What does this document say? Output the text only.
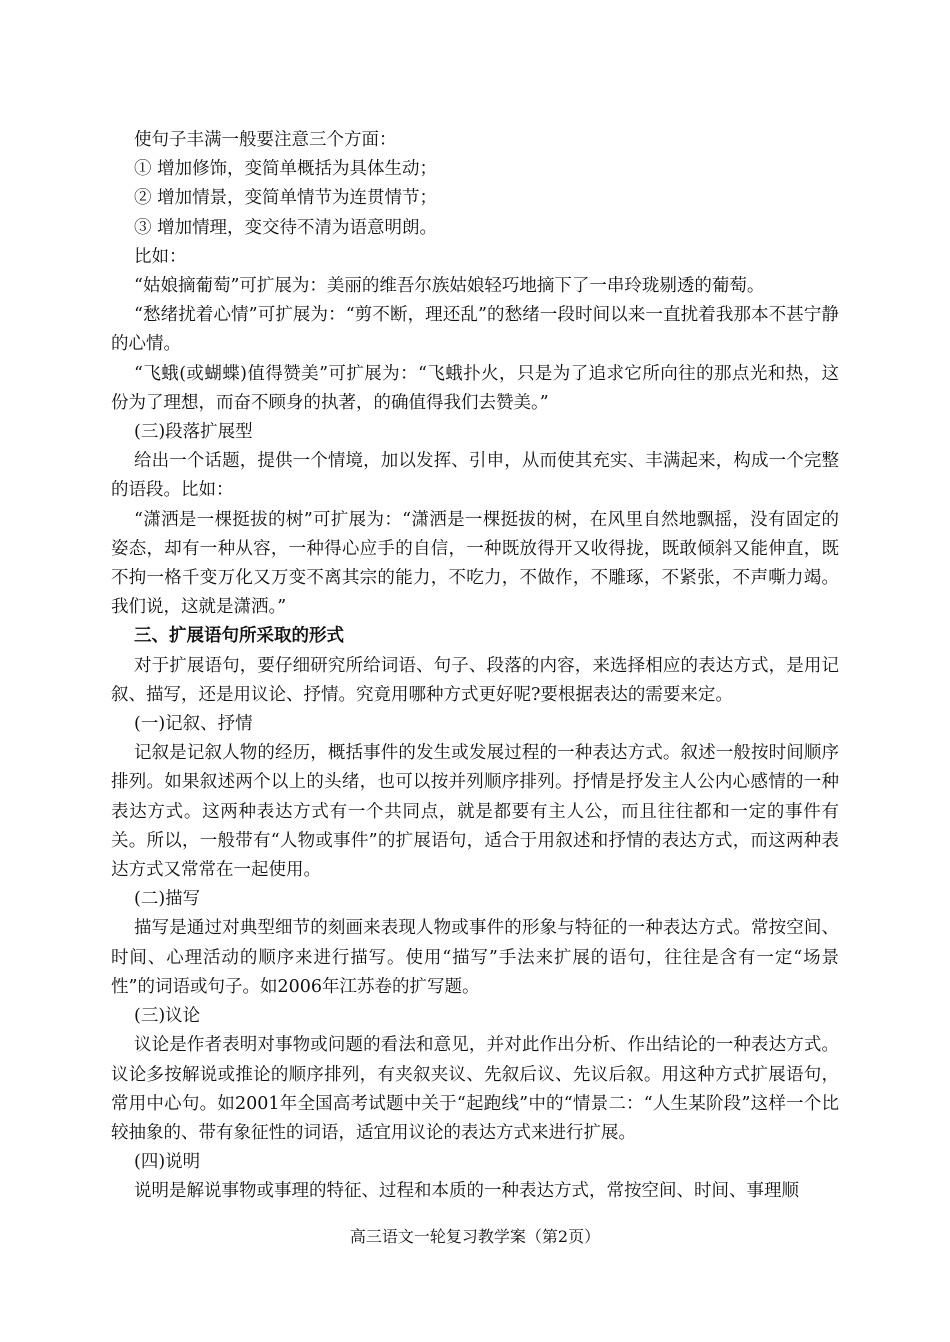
使句子丰满一般要注意三个方面：

① 增加修饰，变简单概括为具体生动；

② 增加情景，变简单情节为连贯情节；

③ 增加情理，变交待不清为语意明朗。

比如：

“姑娘摘葡萄”可扩展为：美丽的维吾尔族姑娘轻巧地摘下了一串玲珑剔透的葡萄。

“愁绪扰着心情”可扩展为：“剪不断，理还乱”的愁绪一段时间以来一直扰着我那本不甚宁静的心情。

“飞蛾(或蝴蝶)值得赞美”可扩展为：“飞蛾扑火，只是为了追求它所向往的那点光和热，这份为了理想，而奋不顾身的执著，的确值得我们去赞美。”

(三)段落扩展型

给出一个话题，提供一个情境，加以发挥、引申，从而使其充实、丰满起来，构成一个完整的语段。比如：

“潇洒是一棵挺拔的树”可扩展为：“潇洒是一棵挺拔的树，在风里自然地飘摇，没有固定的姿态，却有一种从容，一种得心应手的自信，一种既放得开又收得拢，既敢倾斜又能伸直，既不拘一格千变万化又万变不离其宗的能力，不吃力，不做作，不雕琢，不紧张，不声嘶力竭。我们说，这就是潇洒。”

三、扩展语句所采取的形式

对于扩展语句，要仔细研究所给词语、句子、段落的内容，来选择相应的表达方式，是用记叙、描写，还是用议论、抒情。究竟用哪种方式更好呢?要根据表达的需要来定。

(一)记叙、抒情

记叙是记叙人物的经历，概括事件的发生或发展过程的一种表达方式。叙述一般按时间顺序排列。如果叙述两个以上的头绪，也可以按并列顺序排列。抒情是抒发主人公内心感情的一种表达方式。这两种表达方式有一个共同点，就是都要有主人公，而且往往都和一定的事件有关。所以，一般带有“人物或事件”的扩展语句，适合于用叙述和抒情的表达方式，而这两种表达方式又常常在一起使用。

(二)描写

描写是通过对典型细节的刻画来表现人物或事件的形象与特征的一种表达方式。常按空间、时间、心理活动的顺序来进行描写。使用“描写”手法来扩展的语句，往往是含有一定“场景性”的词语或句子。如2006年江苏卷的扩写题。

(三)议论

议论是作者表明对事物或问题的看法和意见，并对此作出分析、作出结论的一种表达方式。议论多按解说或推论的顺序排列，有夹叙夹议、先叙后议、先议后叙。用这种方式扩展语句，常用中心句。如2001年全国高考试题中关于“起跑线”中的“情景二：“人生某阶段”这样一个比较抽象的、带有象征性的词语，适宜用议论的表达方式来进行扩展。

(四)说明

说明是解说事物或事理的特征、过程和本质的一种表达方式，常按空间、时间、事理顺

高三语文一轮复习教学案（第2页）
